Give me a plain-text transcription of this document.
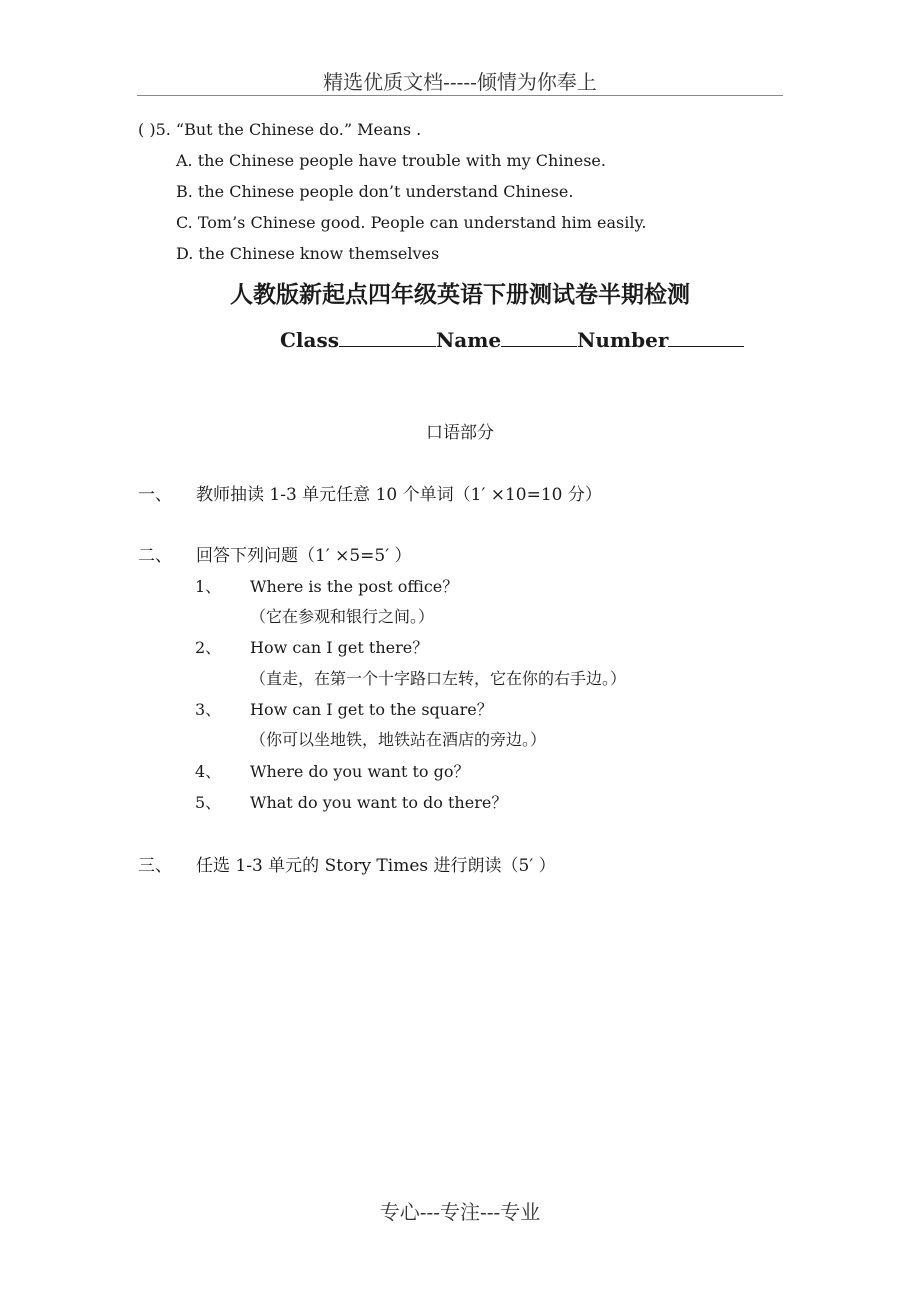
精选优质文档-----倾情为你奉上
( )5. “But the Chinese do.” Means .
A. the Chinese people have trouble with my Chinese.
B. the Chinese people don’t understand Chinese.
C. Tom’s Chinese good. People can understand him easily.
D. the Chinese know themselves
人教版新起点四年级英语下册测试卷半期检测
Class	Name	Number
口语部分
一、 教师抽读 1-3 单元任意 10 个单词（1′ ×10=10 分）
二、 回答下列问题（1′ ×5=5′ ）
1、 Where is the post office？
（它在参观和银行之间。）
2、 How can I get there？
（直走，在第一个十字路口左转，它在你的右手边。）
3、 How can I get to the square？
（你可以坐地铁，地铁站在酒店的旁边。）
4、 Where do you want to go？
5、 What do you want to do there？
三、 任选 1-3 单元的 Story Times 进行朗读（5′ ）
专心---专注---专业
